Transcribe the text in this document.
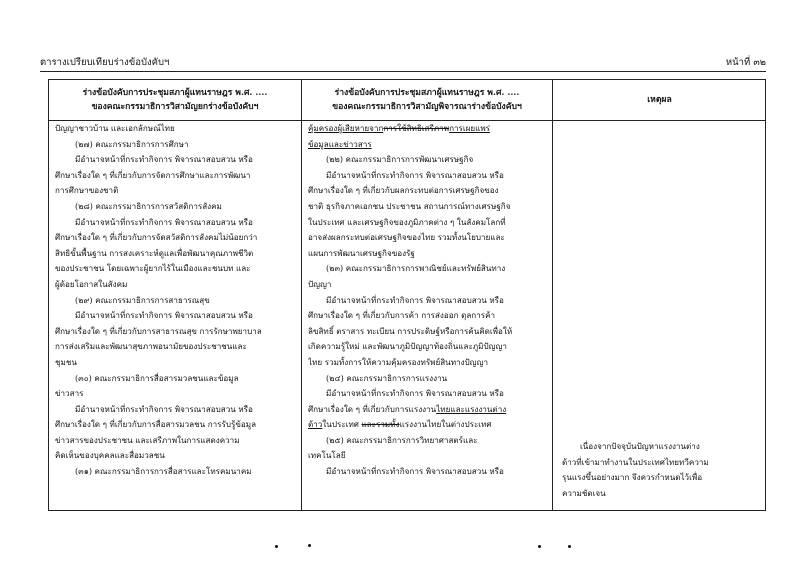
ตารางเปรียบเทียบร่างข้อบังคับฯ	หน้าที่ ๓๒
ร่างข้อบังคับการประชุมสภาผู้แทนราษฎร พ.ศ. ....
ของคณะกรรมาธิการวิสามัญยกร่างข้อบังคับฯ
ร่างข้อบังคับการประชุมสภาผู้แทนราษฎร พ.ศ. ....
ของคณะกรรมาธิการวิสามัญพิจารณาร่างข้อบังคับฯ
เหตุผล
ปัญญาชาวบ้าน และเอกลักษณ์ไทย
(๒๗) คณะกรรมาธิการการศึกษา
มีอำนาจหน้าที่กระทำกิจการ พิจารณาสอบสวน หรือ
ศึกษาเรื่องใด ๆ ที่เกี่ยวกับการจัดการศึกษาและการพัฒนา
การศึกษาของชาติ
(๒๘) คณะกรรมาธิการการสวัสดิการสังคม
มีอำนาจหน้าที่กระทำกิจการ พิจารณาสอบสวน หรือ
ศึกษาเรื่องใด ๆ ที่เกี่ยวกับการจัดสวัสดิการสังคมไม่น้อยกว่า
สิทธิขั้นพื้นฐาน การสงเคราะห์ดูแลเพื่อพัฒนาคุณภาพชีวิต
ของประชาชน โดยเฉพาะผู้ยากไร้ในเมืองและชนบท และ
ผู้ด้อยโอกาสในสังคม
(๒๙) คณะกรรมาธิการการสาธารณสุข
มีอำนาจหน้าที่กระทำกิจการ พิจารณาสอบสวน หรือ
ศึกษาเรื่องใด ๆ ที่เกี่ยวกับการสาธารณสุข การรักษาพยาบาล
การส่งเสริมและพัฒนาสุขภาพอนามัยของประชาชนและ
ชุมชน
(๓๐) คณะกรรมาธิการสื่อสารมวลชนและข้อมูล
ข่าวสาร
มีอำนาจหน้าที่กระทำกิจการ พิจารณาสอบสวน หรือ
ศึกษาเรื่องใด ๆ ที่เกี่ยวกับการสื่อสารมวลชน การรับรู้ข้อมูล
ข่าวสารของประชาชน และเสรีภาพในการแสดงความ
คิดเห็นของบุคคลและสื่อมวลชน
(๓๑) คณะกรรมาธิการการสื่อสารและโทรคมนาคม
คุ้มครองผู้เสียหายจากการใช้สิทธิเสรีภาพการเผยแพร่
ข้อมูลและข่าวสาร
(๒๒) คณะกรรมาธิการการพัฒนาเศรษฐกิจ
มีอำนาจหน้าที่กระทำกิจการ พิจารณาสอบสวน หรือ
ศึกษาเรื่องใด ๆ ที่เกี่ยวกับผลกระทบต่อการเศรษฐกิจของ
ชาติ ธุรกิจภาคเอกชน ประชาชน สถานการณ์ทางเศรษฐกิจ
ในประเทศ และเศรษฐกิจของภูมิภาคต่าง ๆ ในสังคมโลกที่
อาจส่งผลกระทบต่อเศรษฐกิจของไทย รวมทั้งนโยบายและ
แผนการพัฒนาเศรษฐกิจของรัฐ
(๒๓) คณะกรรมาธิการการพาณิชย์และทรัพย์สินทาง
ปัญญา
มีอำนาจหน้าที่กระทำกิจการ พิจารณาสอบสวน หรือ
ศึกษาเรื่องใด ๆ ที่เกี่ยวกับการค้า การส่งออก ดุลการค้า
ลิขสิทธิ์ ตราสาร ทะเบียน การประดิษฐ์หรือการค้นคิดเพื่อให้
เกิดความรู้ใหม่ และพัฒนาภูมิปัญญาท้องถิ่นและภูมิปัญญา
ไทย รวมทั้งการให้ความคุ้มครองทรัพย์สินทางปัญญา
(๒๔) คณะกรรมาธิการการแรงงาน
มีอำนาจหน้าที่กระทำกิจการ พิจารณาสอบสวน หรือ
ศึกษาเรื่องใด ๆ ที่เกี่ยวกับการแรงงานไทยและแรงงานต่าง
ด้าวในประเทศ และรวมทั้งแรงงานไทยในต่างประเทศ
(๒๕) คณะกรรมาธิการการวิทยาศาสตร์และ
เทคโนโลยี
มีอำนาจหน้าที่กระทำกิจการ พิจารณาสอบสวน หรือ
เนื่องจากปัจจุบันปัญหาแรงงานต่าง
ด้าวที่เข้ามาทำงานในประเทศไทยทวีความ
รุนแรงขึ้นอย่างมาก จึงควรกำหนดไว้เพื่อ
ความชัดเจน
